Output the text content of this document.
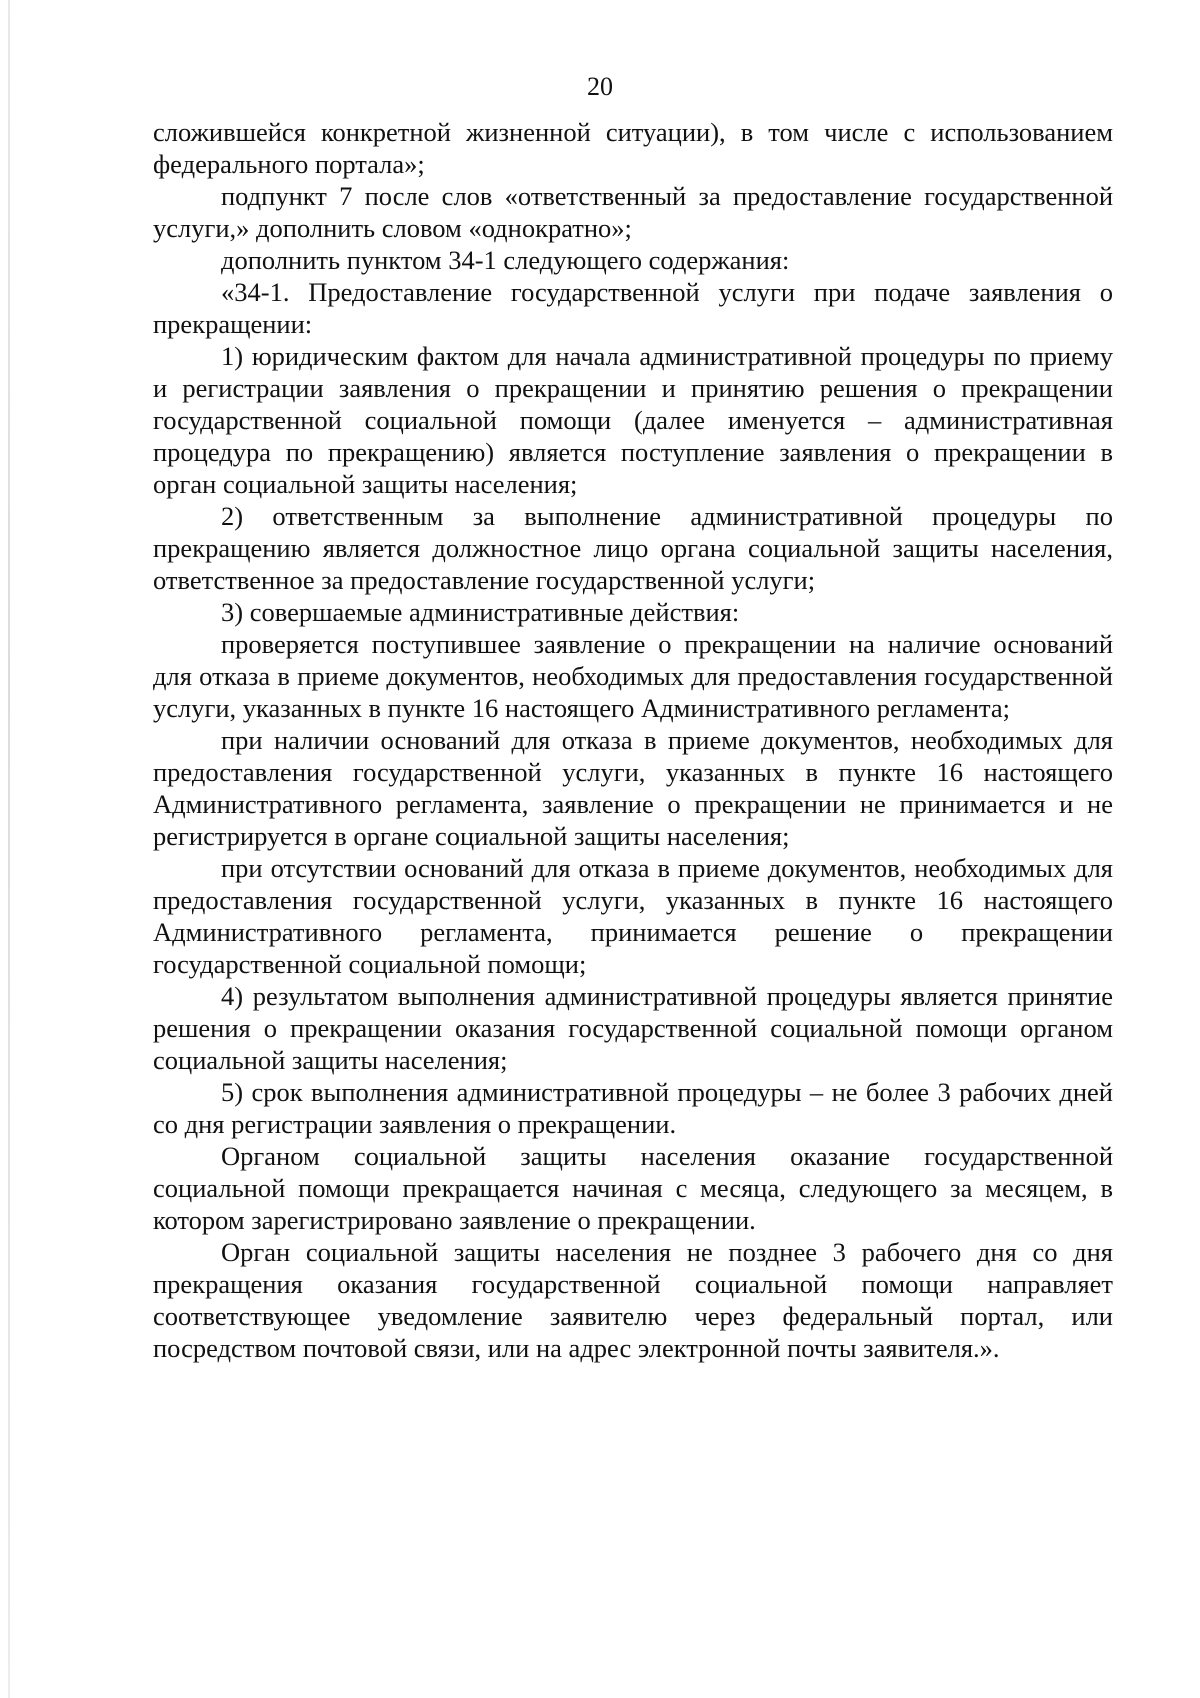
20

сложившейся конкретной жизненной ситуации), в том числе с использованием федерального портала»;

подпункт 7 после слов «ответственный за предоставление государственной услуги,» дополнить словом «однократно»;

дополнить пунктом 34-1 следующего содержания:

«34-1. Предоставление государственной услуги при подаче заявления о прекращении:

1) юридическим фактом для начала административной процедуры по приему и регистрации заявления о прекращении и принятию решения о прекращении государственной социальной помощи (далее именуется – административная процедура по прекращению) является поступление заявления о прекращении в орган социальной защиты населения;

2) ответственным за выполнение административной процедуры по прекращению является должностное лицо органа социальной защиты населения, ответственное за предоставление государственной услуги;

3) совершаемые административные действия:

проверяется поступившее заявление о прекращении на наличие оснований для отказа в приеме документов, необходимых для предоставления государственной услуги, указанных в пункте 16 настоящего Административного регламента;

при наличии оснований для отказа в приеме документов, необходимых для предоставления государственной услуги, указанных в пункте 16 настоящего Административного регламента, заявление о прекращении не принимается и не регистрируется в органе социальной защиты населения;

при отсутствии оснований для отказа в приеме документов, необходимых для предоставления государственной услуги, указанных в пункте 16 настоящего Административного регламента, принимается решение о прекращении государственной социальной помощи;

4) результатом выполнения административной процедуры является принятие решения о прекращении оказания государственной социальной помощи органом социальной защиты населения;

5) срок выполнения административной процедуры – не более 3 рабочих дней со дня регистрации заявления о прекращении.

Органом социальной защиты населения оказание государственной социальной помощи прекращается начиная с месяца, следующего за месяцем, в котором зарегистрировано заявление о прекращении.

Орган социальной защиты населения не позднее 3 рабочего дня со дня прекращения оказания государственной социальной помощи направляет соответствующее уведомление заявителю через федеральный портал, или посредством почтовой связи, или на адрес электронной почты заявителя.».
